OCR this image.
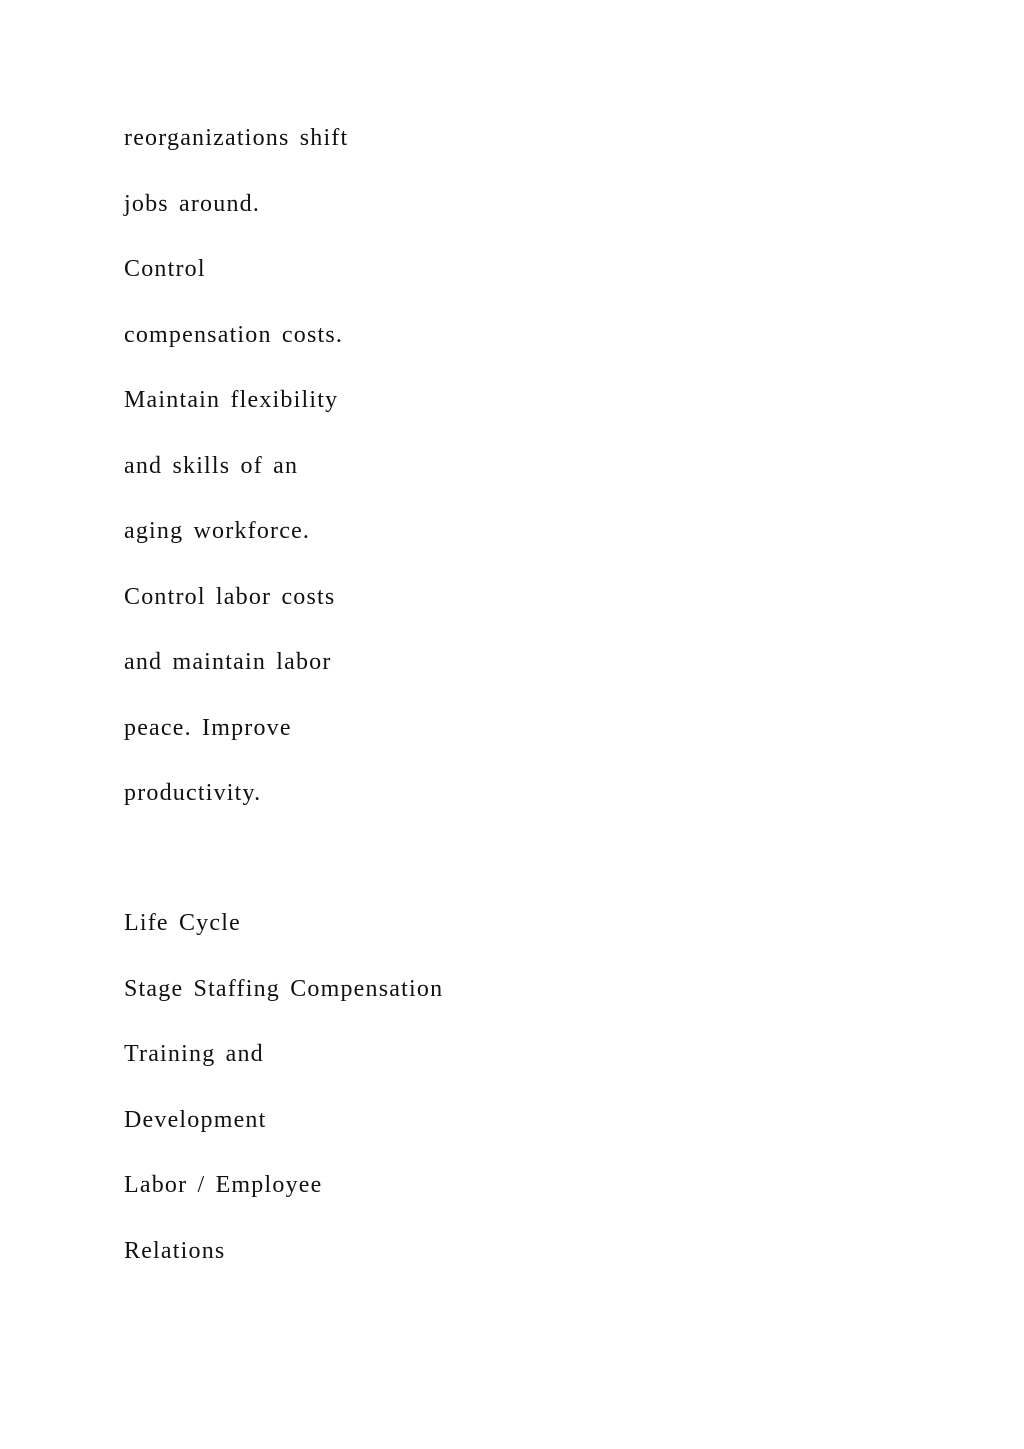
reorganizations shift
jobs around.
Control
compensation costs.
Maintain flexibility
and skills of an
aging workforce.
Control labor costs
and maintain labor
peace. Improve
productivity.
Life Cycle
Stage Staffing Compensation
Training and
Development
Labor / Employee
Relations
